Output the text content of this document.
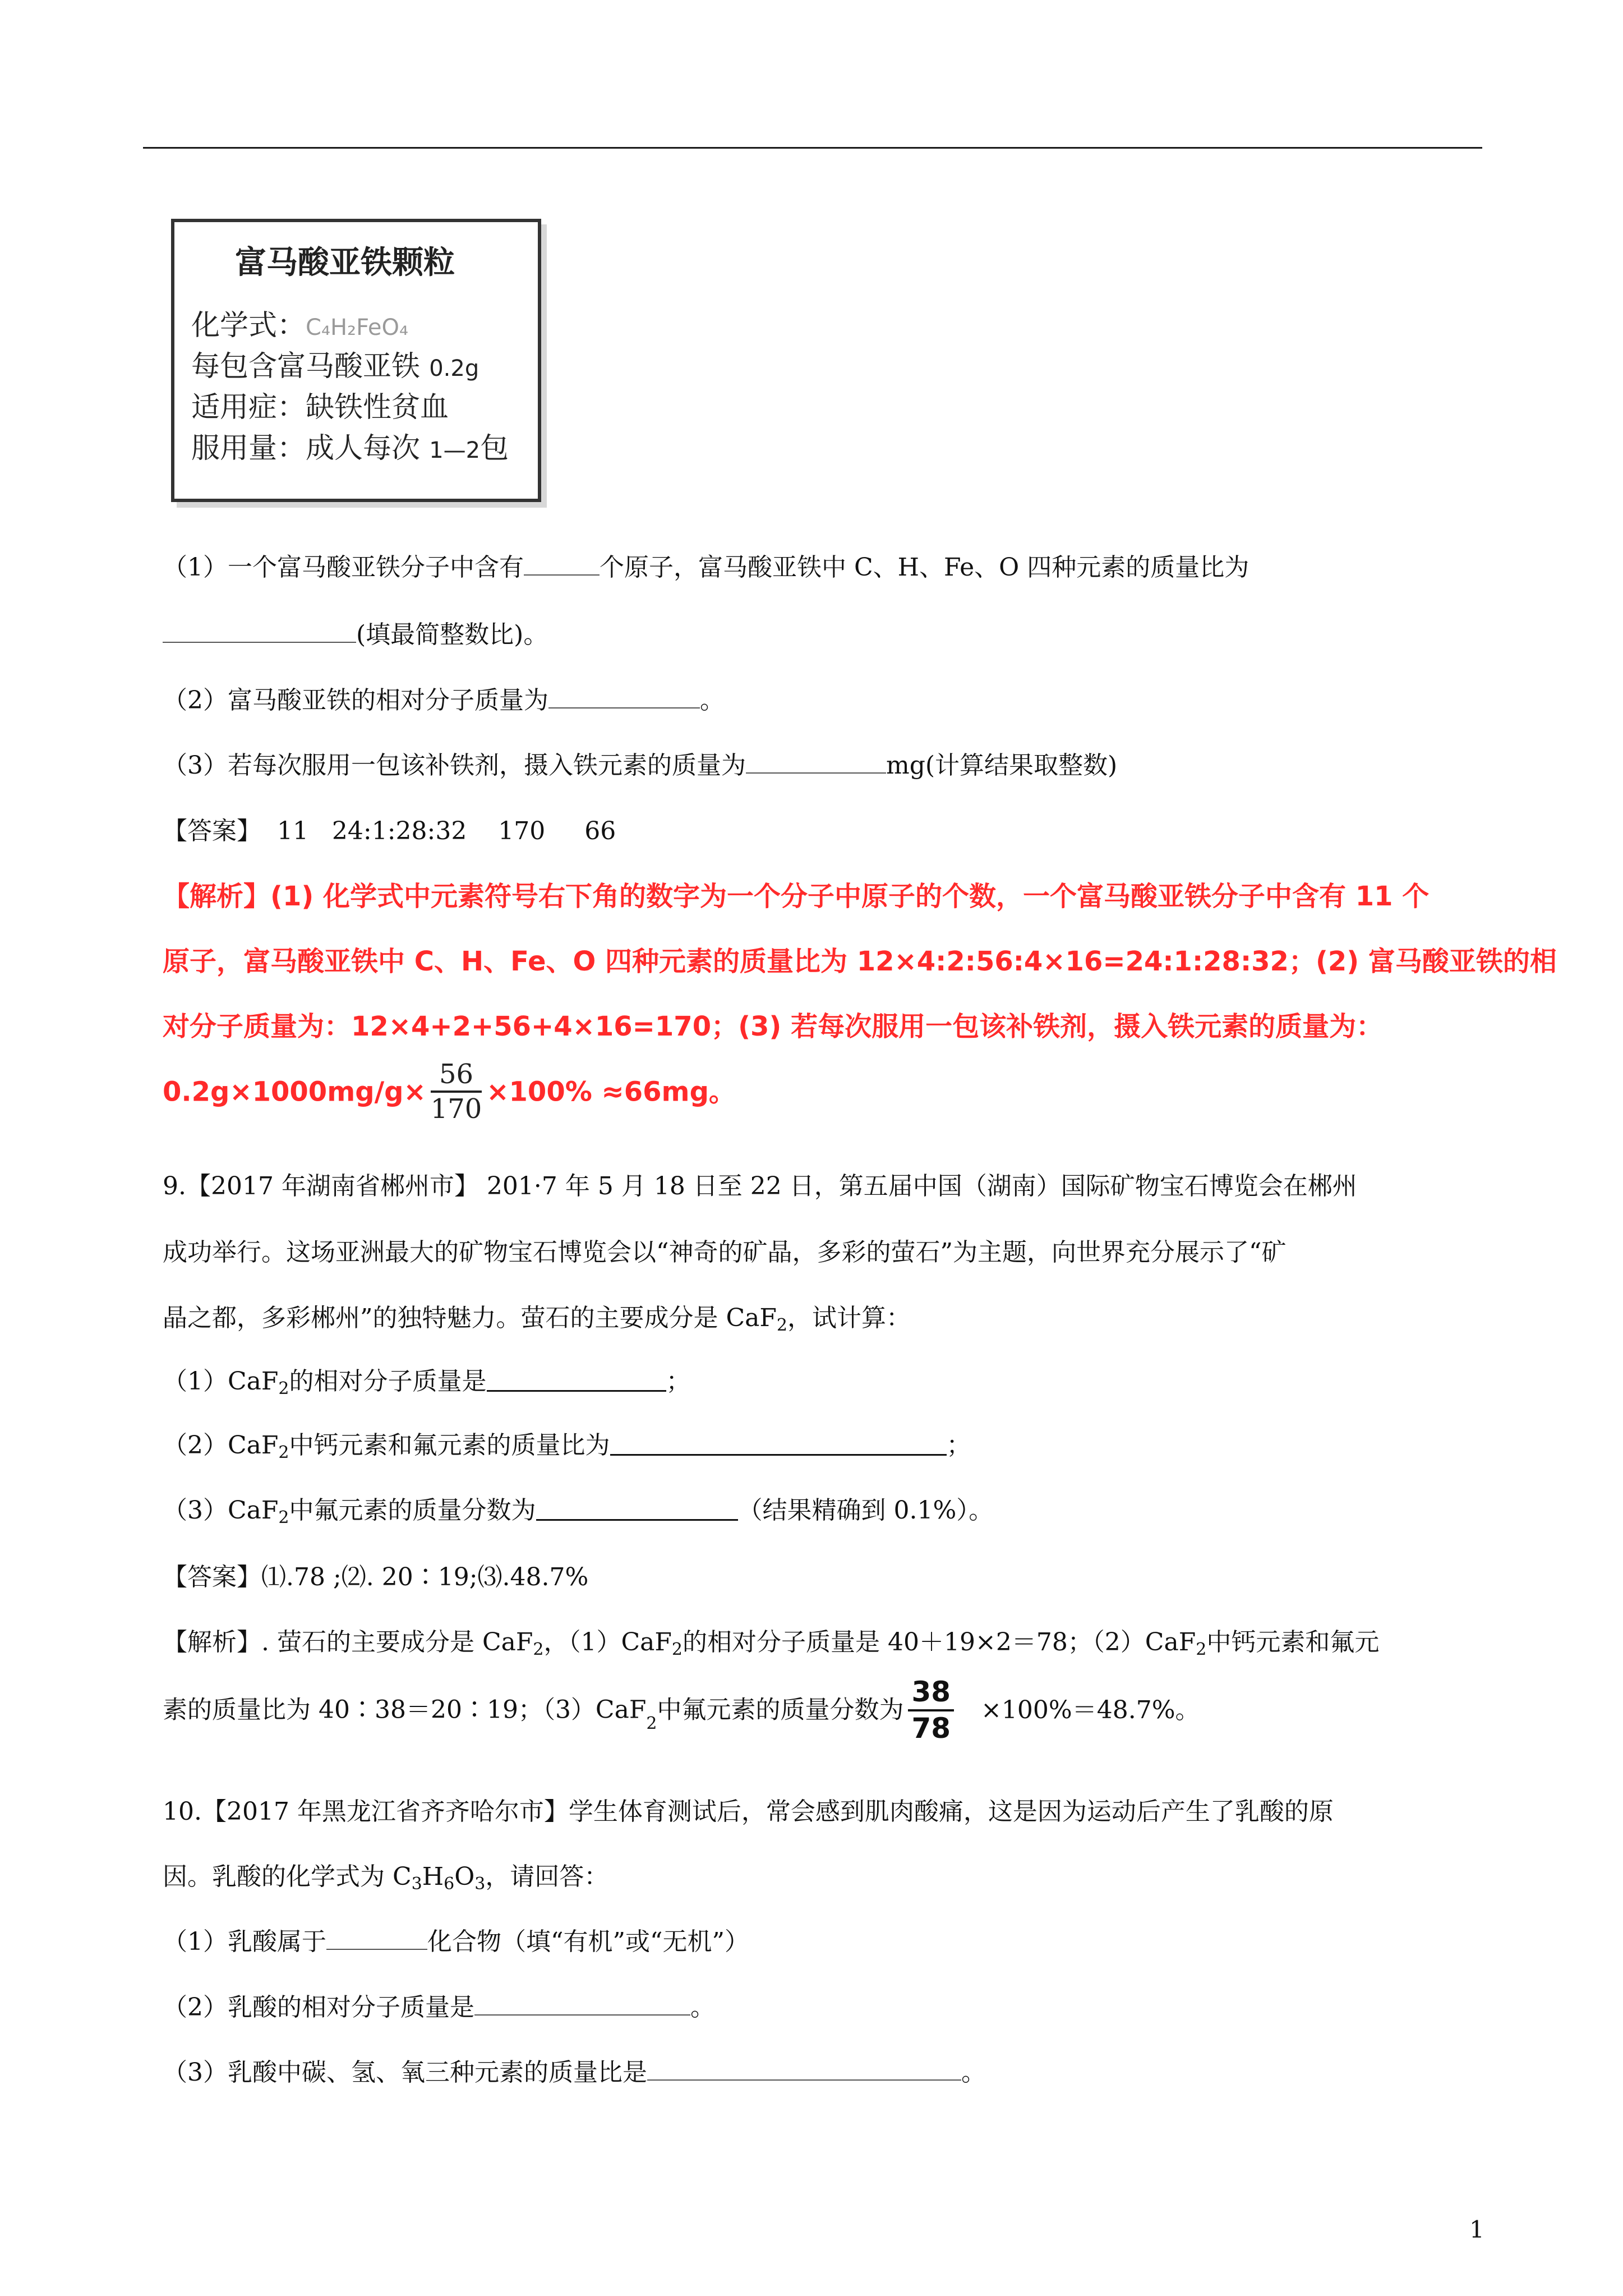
富马酸亚铁颗粒
化学式：C₄H₂FeO₄
每包含富马酸亚铁 0.2g
适用症：缺铁性贫血
服用量：成人每次 1—2包
（1）一个富马酸亚铁分子中含有	个原子，富马酸亚铁中 C、H、Fe、O 四种元素的质量比为
(填最简整数比)。
（2）富马酸亚铁的相对分子质量为	。
（3）若每次服用一包该补铁剂，摄入铁元素的质量为	mg(计算结果取整数)
【答案】  11   24:1:28:32    170     66
【解析】(1) 化学式中元素符号右下角的数字为一个分子中原子的个数，一个富马酸亚铁分子中含有 11 个
原子，富马酸亚铁中 C、H、Fe、O 四种元素的质量比为 12×4:2:56:4×16=24:1:28:32；(2) 富马酸亚铁的相
对分子质量为：12×4+2+56+4×16=170；(3) 若每次服用一包该补铁剂，摄入铁元素的质量为：
$0.2g\times 1000mg/g\times \frac{56}{170} \times 100\% \approx 66mg$。
9.【2017 年湖南省郴州市】 201·7 年 5 月 18 日至 22 日，第五届中国（湖南）国际矿物宝石博览会在郴州
成功举行。这场亚洲最大的矿物宝石博览会以“神奇的矿晶，多彩的萤石”为主题，向世界充分展示了“矿
晶之都，多彩郴州”的独特魅力。萤石的主要成分是 CaF$_2$，试计算：
（1）CaF$_2$的相对分子质量是	；
（2）CaF$_2$中钙元素和氟元素的质量比为	；
（3）CaF$_2$中氟元素的质量分数为	（结果精确到 0.1%）。
【答案】⑴.78 ;⑵. 20∶19;⑶.48.7%
【解析】. 萤石的主要成分是 CaF$_2$，（1）CaF$_2$的相对分子质量是 40＋19×2＝78；（2）CaF$_2$中钙元素和氟元
素的质量比为 40∶38＝20∶19；（3）CaF$_2$中氟元素的质量分数为 $\frac{38}{78} \times 100\%=48.7\%$。
10.【2017 年黑龙江省齐齐哈尔市】学生体育测试后，常会感到肌肉酸痛，这是因为运动后产生了乳酸的原
因。乳酸的化学式为 $C_3H_6O_3$，请回答：
（1）乳酸属于	化合物（填“有机”或“无机”）
（2）乳酸的相对分子质量是	。
（3）乳酸中碳、氢、氧三种元素的质量比是	。
1
